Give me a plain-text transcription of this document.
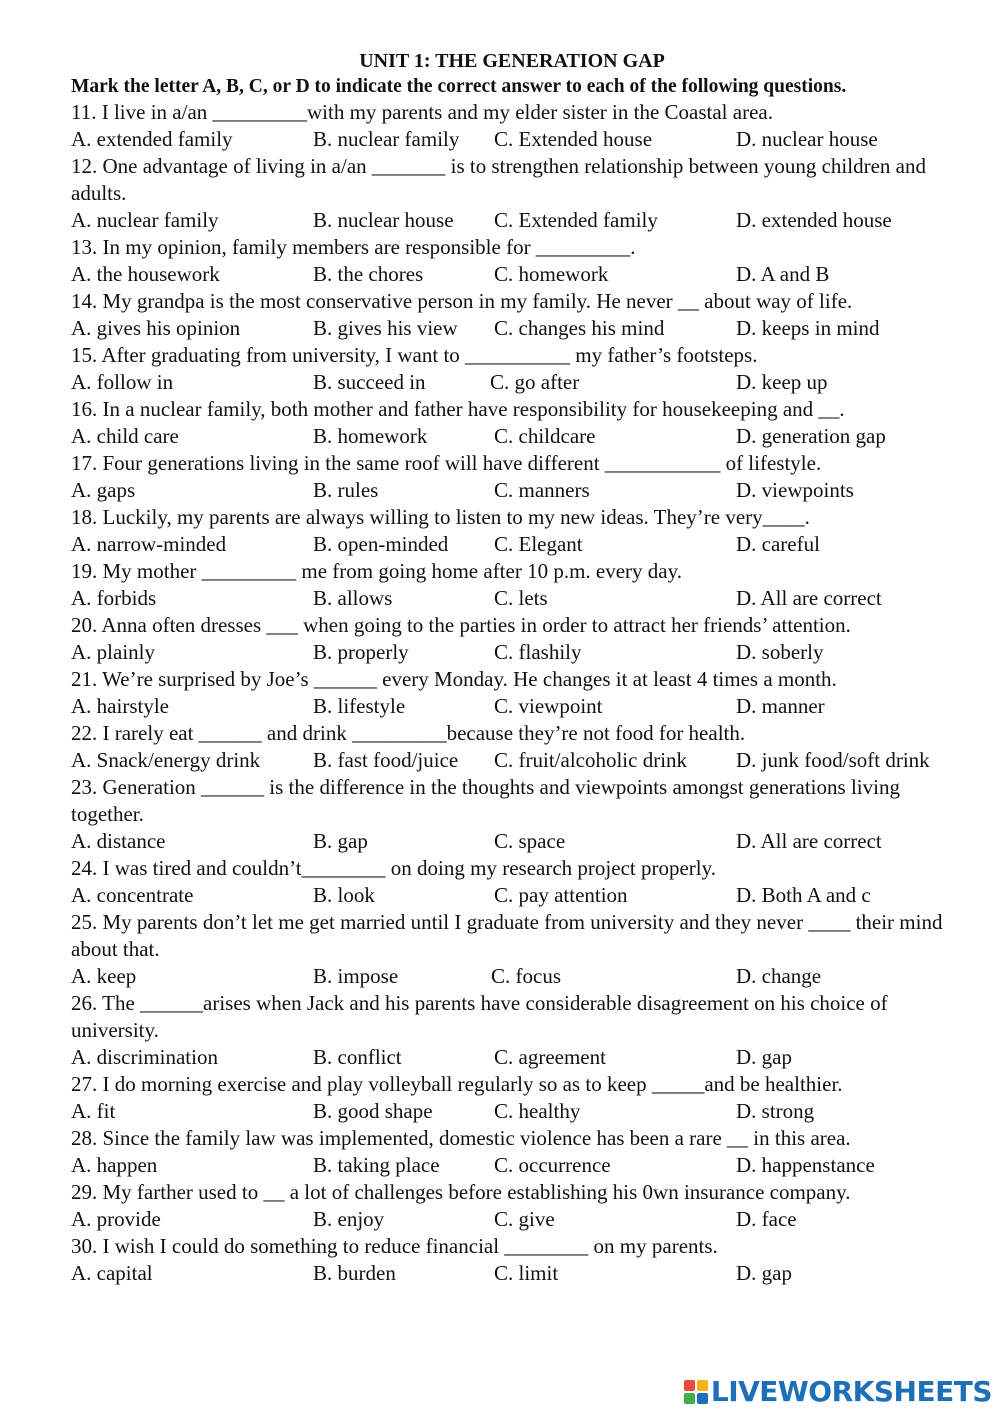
UNIT 1: THE GENERATION GAP
Mark the letter A, B, C, or D to indicate the correct answer to each of the following questions.
11. I live in a/an _________with my parents and my elder sister in the Coastal area.
A. extended family	B. nuclear family C. Extended house	D. nuclear house
12. One advantage of living in a/an _______ is to strengthen relationship between young children and adults.
A. nuclear family	B. nuclear house C. Extended family	D. extended house
13. In my opinion, family members are responsible for _________.
A. the housework	B. the chores	C. homework	D. A and B
14. My grandpa is the most conservative person in my family. He never __ about way of life.
A. gives his opinion	B. gives his view C. changes his mind	D. keeps in mind
15. After graduating from university, I want to __________ my father’s footsteps.
A. follow in	B. succeed in	C. go after	D. keep up
16. In a nuclear family, both mother and father have responsibility for housekeeping and __.
A. child care	B. homework	C. childcare	D. generation gap
17. Four generations living in the same roof will have different ___________ of lifestyle.
A. gaps	B. rules	C. manners	D. viewpoints
18. Luckily, my parents are always willing to listen to my new ideas. They’re very____.
A. narrow-minded	B. open-minded C. Elegant	D. careful
19. My mother _________ me from going home after 10 p.m. every day.
A. forbids	B. allows	C. lets	D. All are correct
20. Anna often dresses ___ when going to the parties in order to attract her friends’ attention.
A. plainly	B. properly	C. flashily	D. soberly
21. We’re surprised by Joe’s ______ every Monday. He changes it at least 4 times a month.
A. hairstyle	B. lifestyle	C. viewpoint	D. manner
22. I rarely eat ______ and drink _________because they’re not food for health.
A. Snack/energy drink	B. fast food/juice C. fruit/alcoholic drink D. junk food/soft drink
23. Generation ______ is the difference in the thoughts and viewpoints amongst generations living together.
A. distance	B. gap	C. space	D. All are correct
24. I was tired and couldn’t________ on doing my research project properly.
A. concentrate	B. look	C. pay attention	D. Both A and c
25. My parents don’t let me get married until I graduate from university and they never ____ their mind about that.
A. keep	B. impose	C. focus	D. change
26. The ______arises when Jack and his parents have considerable disagreement on his choice of university.
A. discrimination	B. conflict	C. agreement	D. gap
27. I do morning exercise and play volleyball regularly so as to keep _____and be healthier.
A. fit	B. good shape	C. healthy	D. strong
28. Since the family law was implemented, domestic violence has been a rare __ in this area.
A. happen	B. taking place	C. occurrence	D. happenstance
29. My farther used to __ a lot of challenges before establishing his 0wn insurance company.
A. provide	B. enjoy	C. give	D. face
30. I wish I could do something to reduce financial ________ on my parents.
A. capital	B. burden	C. limit	D. gap
LIVEWORKSHEETS
